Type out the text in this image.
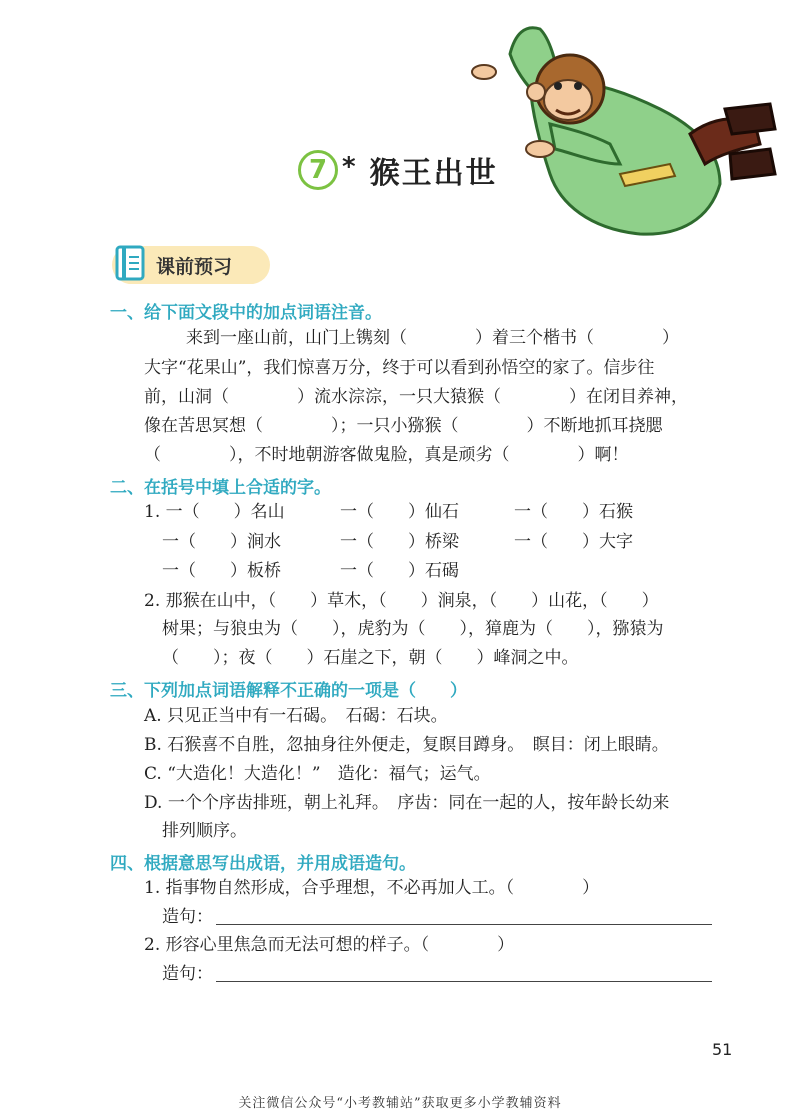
7 * 猴王出世
课前预习
一、给下面文段中的加点词语注音。
来到一座山前，山门上镌刻（　　　　）着三个楷书（　　　　）
大字“花果山”，我们惊喜万分，终于可以看到孙悟空的家了。信步往
前，山洞（　　　　）流水淙淙，一只大猿猴（　　　　）在闭目养神，
像在苦思冥想（　　　　）；一只小猕猴（　　　　）不断地抓耳挠腮
（　　　　），不时地朝游客做鬼脸，真是顽劣（　　　　）啊！
二、在括号中填上合适的字。
1. 一（　　）名山	一（　　）仙石	一（　　）石猴
一（　　）涧水	一（　　）桥梁	一（　　）大字
一（　　）板桥	一（　　）石碣
2. 那猴在山中，（　　）草木，（　　）涧泉，（　　）山花，（　　）
树果；与狼虫为（　　），虎豹为（　　），獐鹿为（　　），猕猿为
（　　）；夜（　　）石崖之下，朝（　　）峰洞之中。
三、下列加点词语解释不正确的一项是（　　）
A. 只见正当中有一石碣。　石碣：石块。
B. 石猴喜不自胜，忽抽身往外便走，复瞑目蹲身。　瞑目：闭上眼睛。
C. “大造化！大造化！”　造化：福气；运气。
D. 一个个序齿排班，朝上礼拜。　序齿：同在一起的人，按年龄长幼来
排列顺序。
四、根据意思写出成语，并用成语造句。
1. 指事物自然形成，合乎理想，不必再加人工。（　　　　）
造句：
2. 形容心里焦急而无法可想的样子。（　　　　）
造句：
51
关注微信公众号“小考教辅站”获取更多小学教辅资料
